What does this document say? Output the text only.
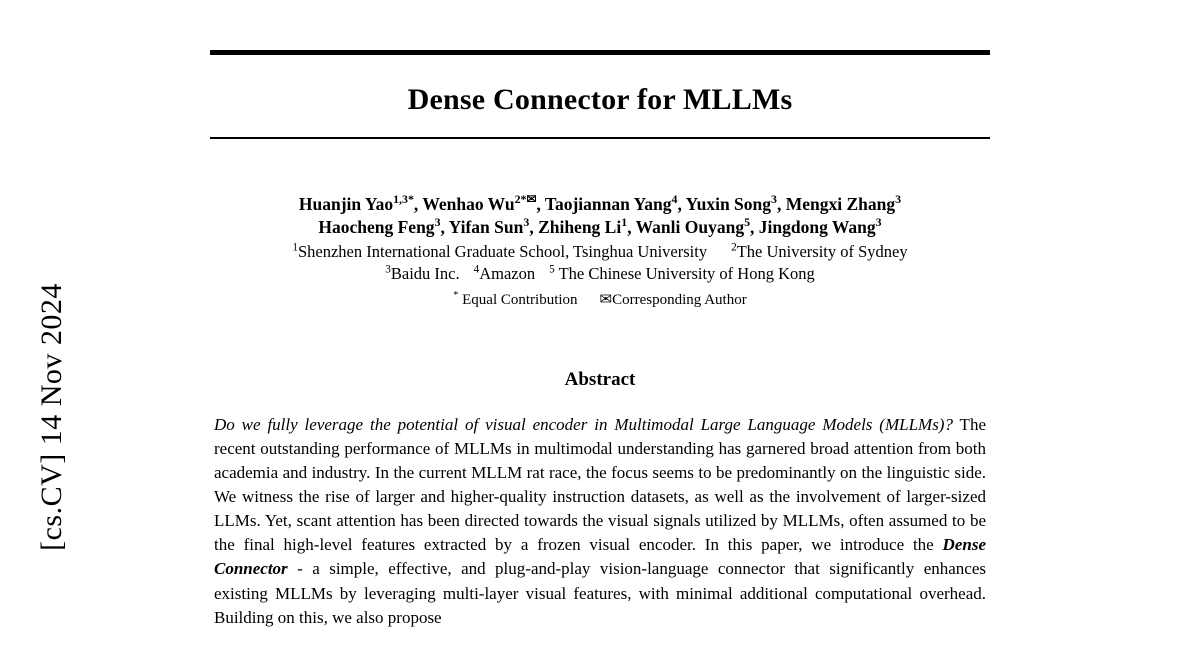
[cs.CV] 14 Nov 2024
Dense Connector for MLLMs
Huanjin Yao$^{1,3*}$, Wenhao $Wu^{2*✉}$, Taojiannan Yang$^4$, Yuxin Song$^3$, Mengxi Zhang$^3$
Haocheng Feng$^3$, Yifan Sun$^3$, Zhiheng Li$^1$, Wanli Ouyang$^5$, Jingdong Wang$^3$
$^1$Shenzhen International Graduate School, Tsinghua University $^2$The University of Sydney
$^3$Baidu Inc. $^4$Amazon $^5$ The Chinese University of Hong Kong
* Equal Contribution ✉Corresponding Author
Abstract
Do we fully leverage the potential of visual encoder in Multimodal Large Language Models (MLLMs)? The recent outstanding performance of MLLMs in multimodal understanding has garnered broad attention from both academia and industry. In the current MLLM rat race, the focus seems to be predominantly on the linguistic side. We witness the rise of larger and higher-quality instruction datasets, as well as the involvement of larger-sized LLMs. Yet, scant attention has been directed towards the visual signals utilized by MLLMs, often assumed to be the final high-level features extracted by a frozen visual encoder. In this paper, we introduce the Dense Connector - a simple, effective, and plug-and-play vision-language connector that significantly enhances existing MLLMs by leveraging multi-layer visual features, with minimal additional computational overhead. Building on this, we also propose
